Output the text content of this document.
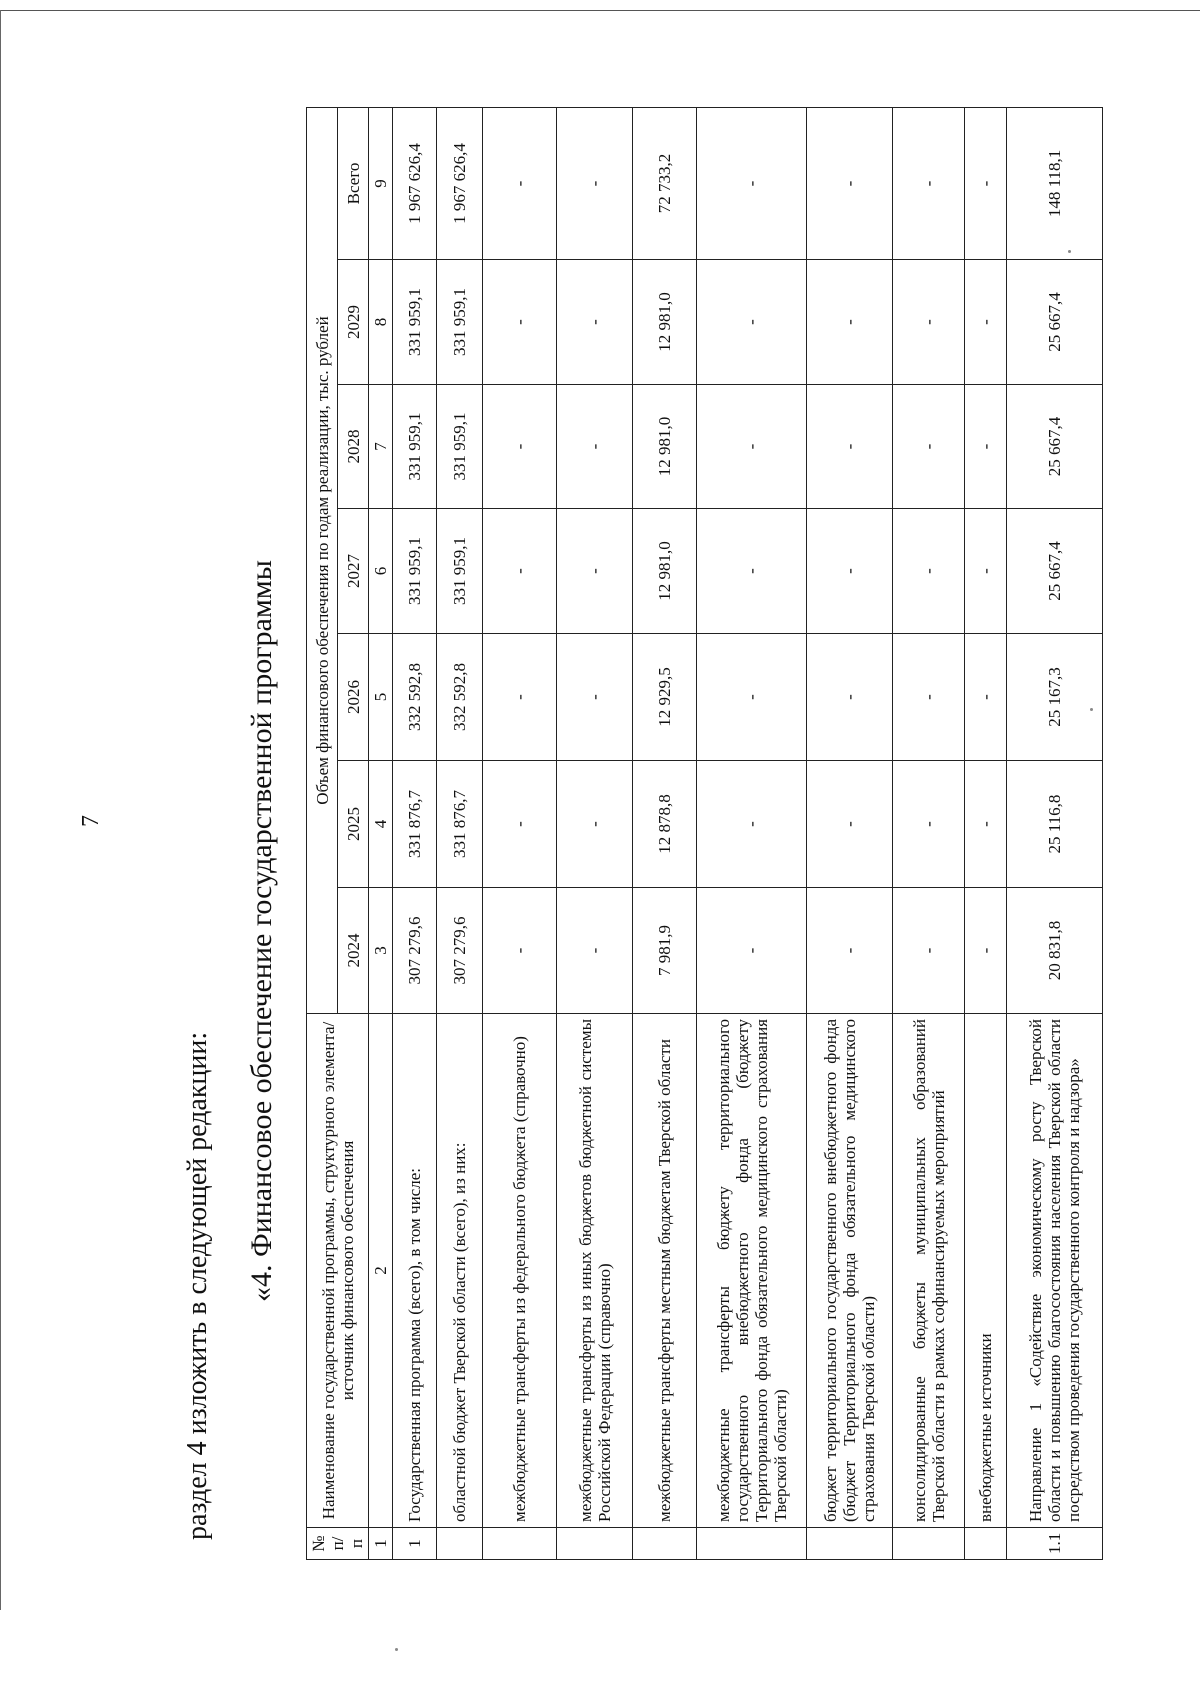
7
раздел 4 изложить в следующей редакции: «4. Финансовое обеспечение государственной программы
№ п/п	Наименование государственной программы, структурного элемента/источник финансового обеспечения	Объем финансового обеспечения по годам реализации, тыс. рублей						
		2024	2025	2026	2027	2028	2029	Всего
1	2	3	4	5	6	7	8	9
1	Государственная программа (всего), в том числе:	307 279,6	331 876,7	332 592,8	331 959,1	331 959,1	331 959,1	1 967 626,4
	областной бюджет Тверской области (всего), из них:	307 279,6	331 876,7	332 592,8	331 959,1	331 959,1	331 959,1	1 967 626,4
	межбюджетные трансферты из федерального бюджета (справочно)	-	-	-	-	-	-	-
	межбюджетные трансферты из иных бюджетов бюджетной системы Российской Федерации (справочно)	-	-	-	-	-	-	-
	межбюджетные трансферты местным бюджетам Тверской области	7 981,9	12 878,8	12 929,5	12 981,0	12 981,0	12 981,0	72 733,2
	межбюджетные трансферты бюджету территориального государственного внебюджетного фонда (бюджету Территориального фонда обязательного медицинского страхования Тверской области)	-	-	-	-	-	-	-
	бюджет территориального государственного внебюджетного фонда (бюджет Территориального фонда обязательного медицинского страхования Тверской области)	-	-	-	-	-	-	-
	консолидированные бюджеты муниципальных образований Тверской области в рамках софинансируемых мероприятий	-	-	-	-	-	-	-
	внебюджетные источники	-	-	-	-	-	-	-
1.1	Направление 1 «Содействие экономическому росту Тверской области и повышению благосостояния населения Тверской области посредством проведения государственного контроля и надзора»	20 831,8	25 116,8	25 167,3	25 667,4	25 667,4	25 667,4	148 118,1
